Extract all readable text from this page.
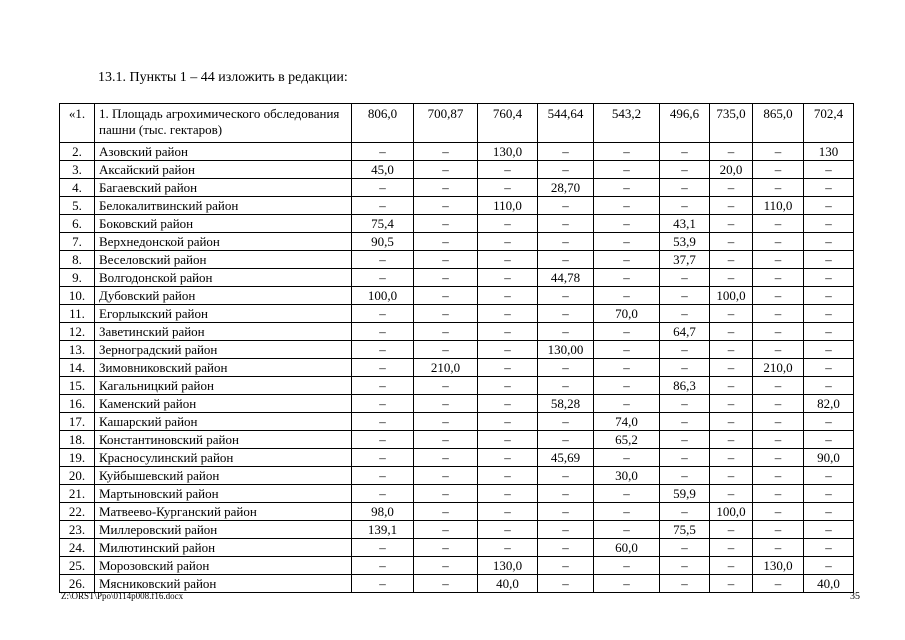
13.1. Пункты 1 – 44 изложить в редакции:
«1.	1. Площадь агрохимического обследования пашни (тыс. гектаров)	806,0	700,87	760,4	544,64	543,2	496,6	735,0	865,0	702,4
2.	Азовский район	–	–	130,0	–	–	–	–	–	130
3.	Аксайский район	45,0	–	–	–	–	–	20,0	–	–
4.	Багаевский район	–	–	–	28,70	–	–	–	–	–
5.	Белокалитвинский район	–	–	110,0	–	–	–	–	110,0	–
6.	Боковский район	75,4	–	–	–	–	43,1	–	–	–
7.	Верхнедонской район	90,5	–	–	–	–	53,9	–	–	–
8.	Веселовский район	–	–	–	–	–	37,7	–	–	–
9.	Волгодонской район	–	–	–	44,78	–	–	–	–	–
10.	Дубовский район	100,0	–	–	–	–	–	100,0	–	–
11.	Егорлыкский район	–	–	–	–	70,0	–	–	–	–
12.	Заветинский район	–	–	–	–	–	64,7	–	–	–
13.	Зерноградский район	–	–	–	130,00	–	–	–	–	–
14.	Зимовниковский район	–	210,0	–	–	–	–	–	210,0	–
15.	Кагальницкий район	–	–	–	–	–	86,3	–	–	–
16.	Каменский район	–	–	–	58,28	–	–	–	–	82,0
17.	Кашарский район	–	–	–	–	74,0	–	–	–	–
18.	Константиновский район	–	–	–	–	65,2	–	–	–	–
19.	Красносулинский район	–	–	–	45,69	–	–	–	–	90,0
20.	Куйбышевский район	–	–	–	–	30,0	–	–	–	–
21.	Мартыновский район	–	–	–	–	–	59,9	–	–	–
22.	Матвеево-Курганский район	98,0	–	–	–	–	–	100,0	–	–
23.	Миллеровский район	139,1	–	–	–	–	75,5	–	–	–
24.	Милютинский район	–	–	–	–	60,0	–	–	–	–
25.	Морозовский район	–	–	130,0	–	–	–	–	130,0	–
26.	Мясниковский район	–	–	40,0	–	–	–	–	–	40,0
Z:\ORST\Ppo\0114p008.f16.docx	35
